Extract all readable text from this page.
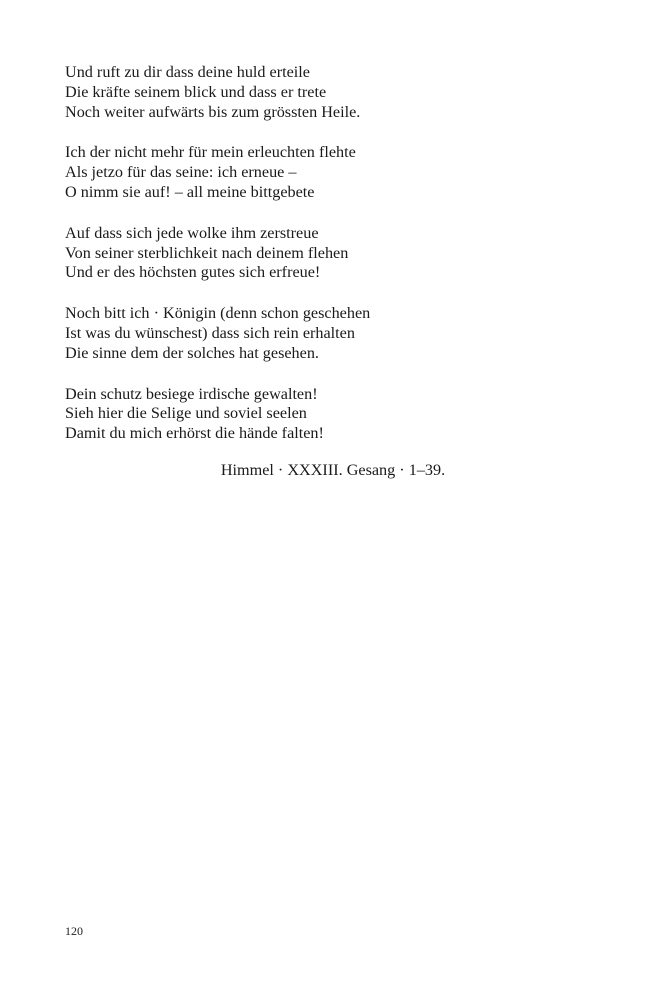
Und ruft zu dir dass deine huld erteile
Die kräfte seinem blick und dass er trete
Noch weiter aufwärts bis zum grössten Heile.
Ich der nicht mehr für mein erleuchten flehte
Als jetzo für das seine: ich erneue –
O nimm sie auf! – all meine bittgebete
Auf dass sich jede wolke ihm zerstreue
Von seiner sterblichkeit nach deinem flehen
Und er des höchsten gutes sich erfreue!
Noch bitt ich · Königin (denn schon geschehen
Ist was du wünschest) dass sich rein erhalten
Die sinne dem der solches hat gesehen.
Dein schutz besiege irdische gewalten!
Sieh hier die Selige und soviel seelen
Damit du mich erhörst die hände falten!
Himmel · XXXIII. Gesang · 1–39.
120
